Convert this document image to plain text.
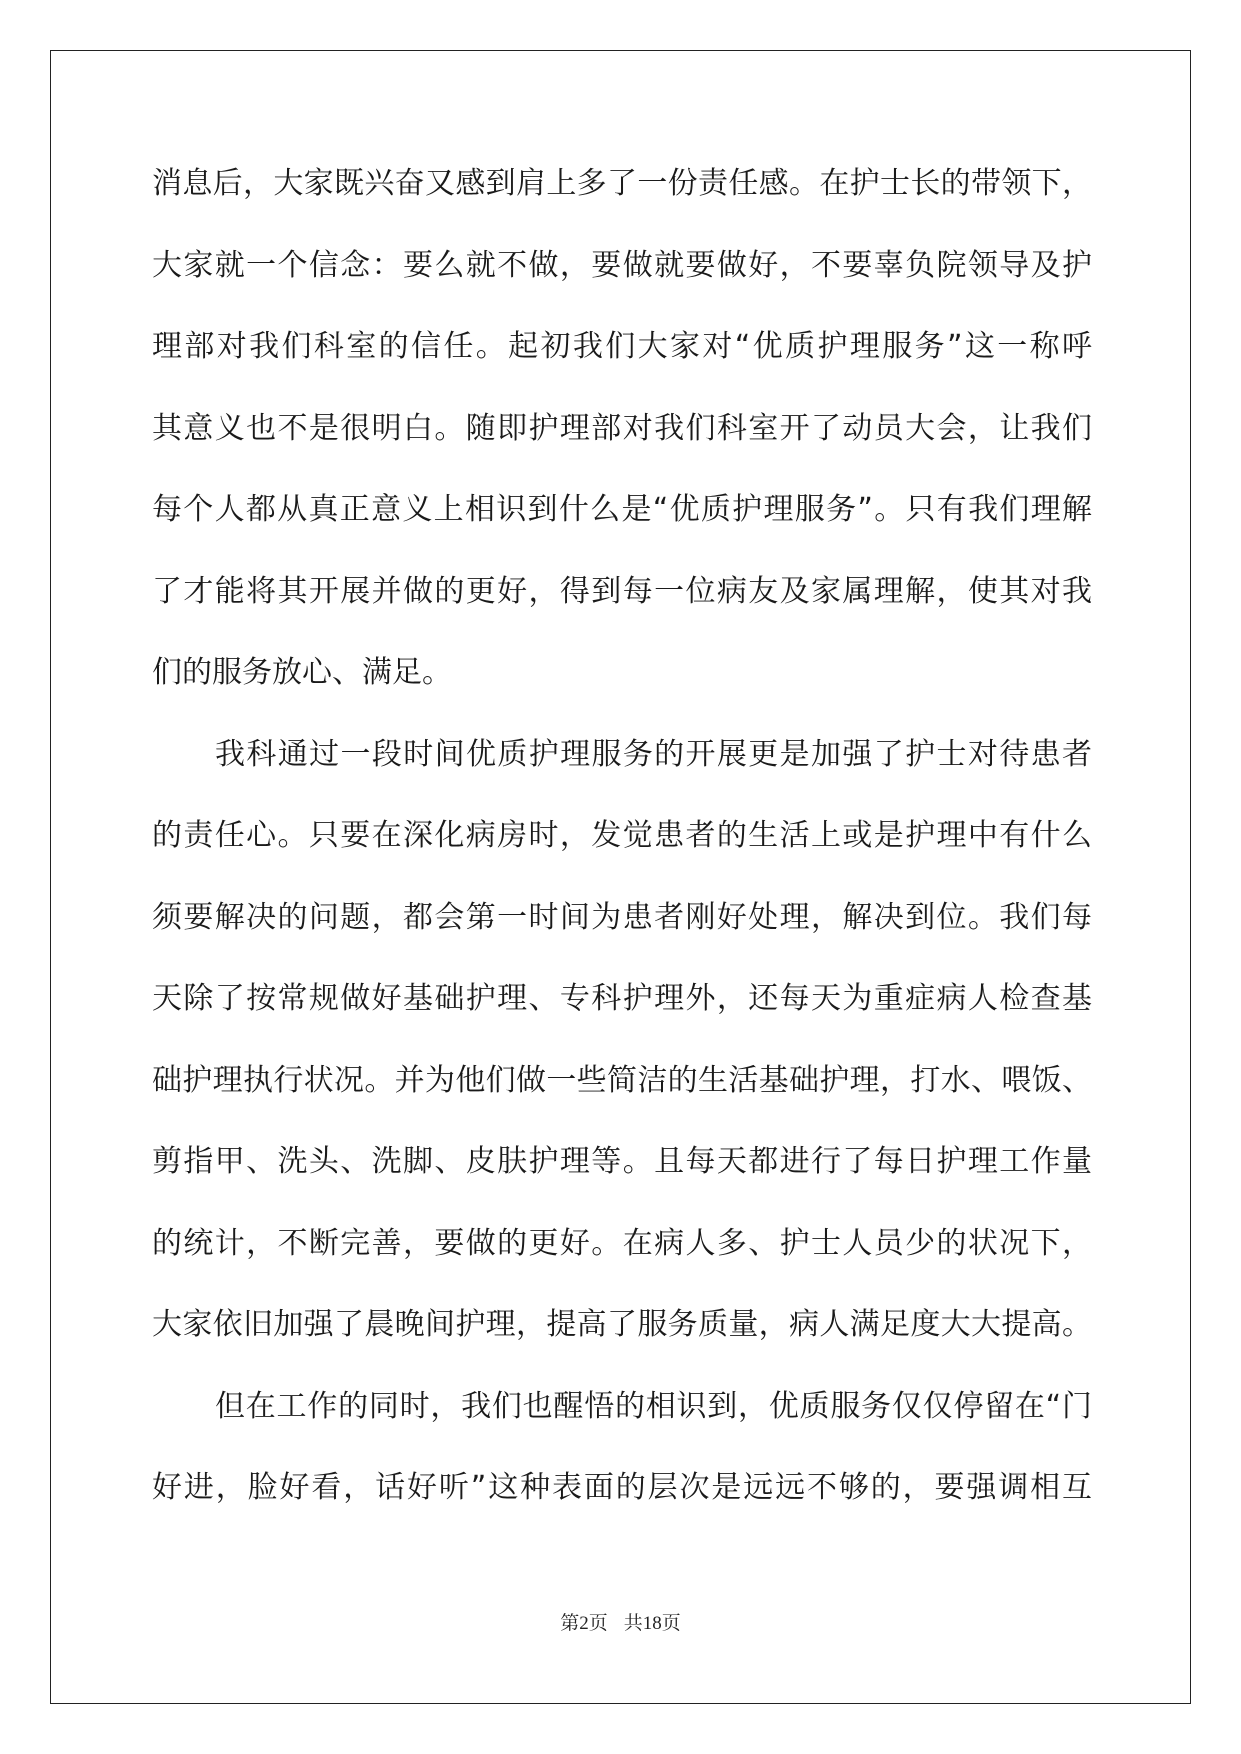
消息后，大家既兴奋又感到肩上多了一份责任感。在护士长的带领下，
大家就一个信念：要么就不做，要做就要做好，不要辜负院领导及护
理部对我们科室的信任。起初我们大家对“优质护理服务”这一称呼
其意义也不是很明白。随即护理部对我们科室开了动员大会，让我们
每个人都从真正意义上相识到什么是“优质护理服务”。只有我们理解
了才能将其开展并做的更好，得到每一位病友及家属理解，使其对我
们的服务放心、满足。
我科通过一段时间优质护理服务的开展更是加强了护士对待患者
的责任心。只要在深化病房时，发觉患者的生活上或是护理中有什么
须要解决的问题，都会第一时间为患者刚好处理，解决到位。我们每
天除了按常规做好基础护理、专科护理外，还每天为重症病人检查基
础护理执行状况。并为他们做一些简洁的生活基础护理，打水、喂饭、
剪指甲、洗头、洗脚、皮肤护理等。且每天都进行了每日护理工作量
的统计，不断完善，要做的更好。在病人多、护士人员少的状况下，
大家依旧加强了晨晚间护理，提高了服务质量，病人满足度大大提高。
但在工作的同时，我们也醒悟的相识到，优质服务仅仅停留在“门
好进，脸好看，话好听”这种表面的层次是远远不够的，要强调相互
第2页 共18页
